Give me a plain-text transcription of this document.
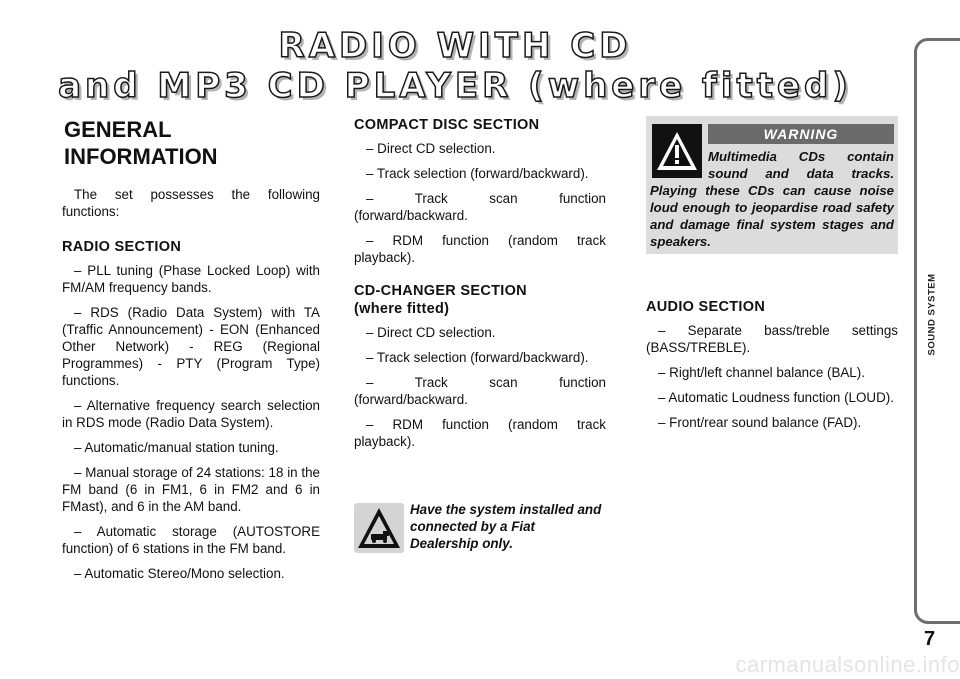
RADIO WITH CD
and MP3 CD PLAYER (where fitted)
GENERAL
INFORMATION
The set possesses the following functions:
RADIO SECTION
– PLL tuning (Phase Locked Loop) with FM/AM frequency bands.
– RDS (Radio Data System) with TA (Traffic Announcement) - EON (Enhanced Other Network) - REG (Regional Programmes) - PTY (Program Type) functions.
– Alternative frequency search selection in RDS mode (Radio Data System).
– Automatic/manual station tuning.
– Manual storage of 24 stations: 18 in the FM band (6 in FM1, 6 in FM2 and 6 in FMast), and 6 in the AM band.
– Automatic storage (AUTOSTORE function) of 6 stations in the FM band.
– Automatic Stereo/Mono selection.
COMPACT DISC SECTION
– Direct CD selection.
– Track selection (forward/backward).
– Track scan function (forward/backward.
– RDM function (random track playback).
CD-CHANGER SECTION
(where fitted)
– Direct CD selection.
– Track selection (forward/backward).
– Track scan function (forward/backward.
– RDM function (random track playback).
Have the system installed and connected by a Fiat Dealership only.
WARNING
Multimedia CDs contain sound and data tracks. Playing these CDs can cause noise loud enough to jeopardise road safety and damage final system stages and speakers.
AUDIO SECTION
– Separate bass/treble settings (BASS/TREBLE).
– Right/left channel balance (BAL).
– Automatic Loudness function (LOUD).
– Front/rear sound balance (FAD).
SOUND SYSTEM
7
carmanualsonline.info
